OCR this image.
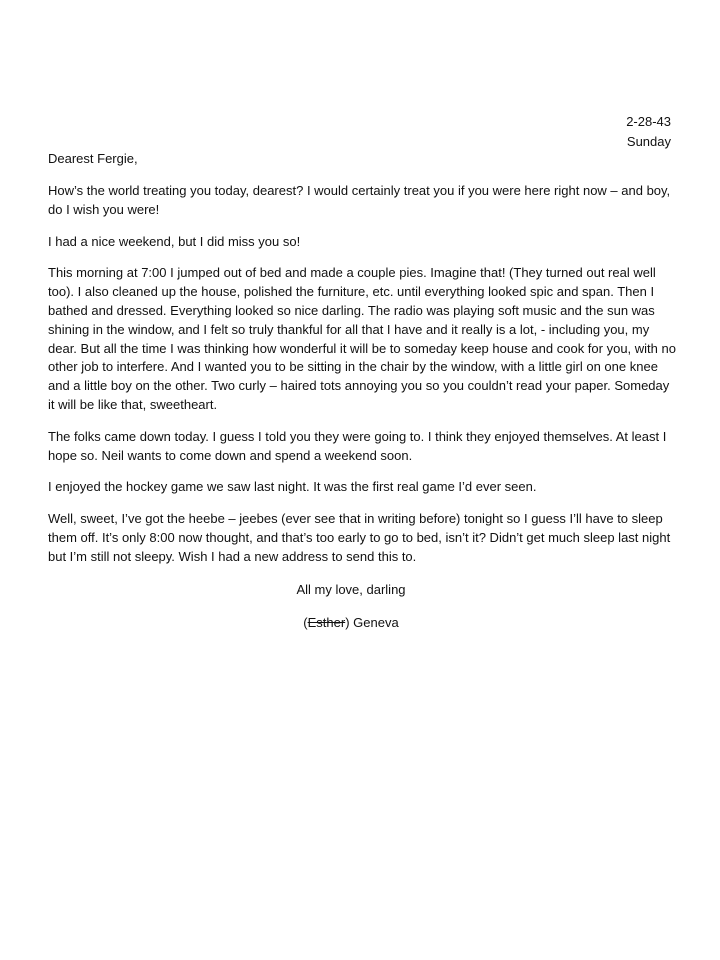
2-28-43
Sunday

Dearest Fergie,

How’s the world treating you today, dearest? I would certainly treat you if you were here right now – and boy, do I wish you were!

I had a nice weekend, but I did miss you so!

This morning at 7:00 I jumped out of bed and made a couple pies. Imagine that! (They turned out real well too). I also cleaned up the house, polished the furniture, etc. until everything looked spic and span. Then I bathed and dressed. Everything looked so nice darling. The radio was playing soft music and the sun was shining in the window, and I felt so truly thankful for all that I have and it really is a lot, - including you, my dear. But all the time I was thinking how wonderful it will be to someday keep house and cook for you, with no other job to interfere. And I wanted you to be sitting in the chair by the window, with a little girl on one knee and a little boy on the other. Two curly – haired tots annoying you so you couldn’t read your paper. Someday it will be like that, sweetheart.

The folks came down today. I guess I told you they were going to. I think they enjoyed themselves. At least I hope so. Neil wants to come down and spend a weekend soon.

I enjoyed the hockey game we saw last night. It was the first real game I’d ever seen.

Well, sweet, I’ve got the heebe – jeebes (ever see that in writing before) tonight so I guess I’ll have to sleep them off. It’s only 8:00 now thought, and that’s too early to go to bed, isn’t it? Didn’t get much sleep last night but I’m still not sleepy. Wish I had a new address to send this to.

All my love, darling

(Esther) Geneva
